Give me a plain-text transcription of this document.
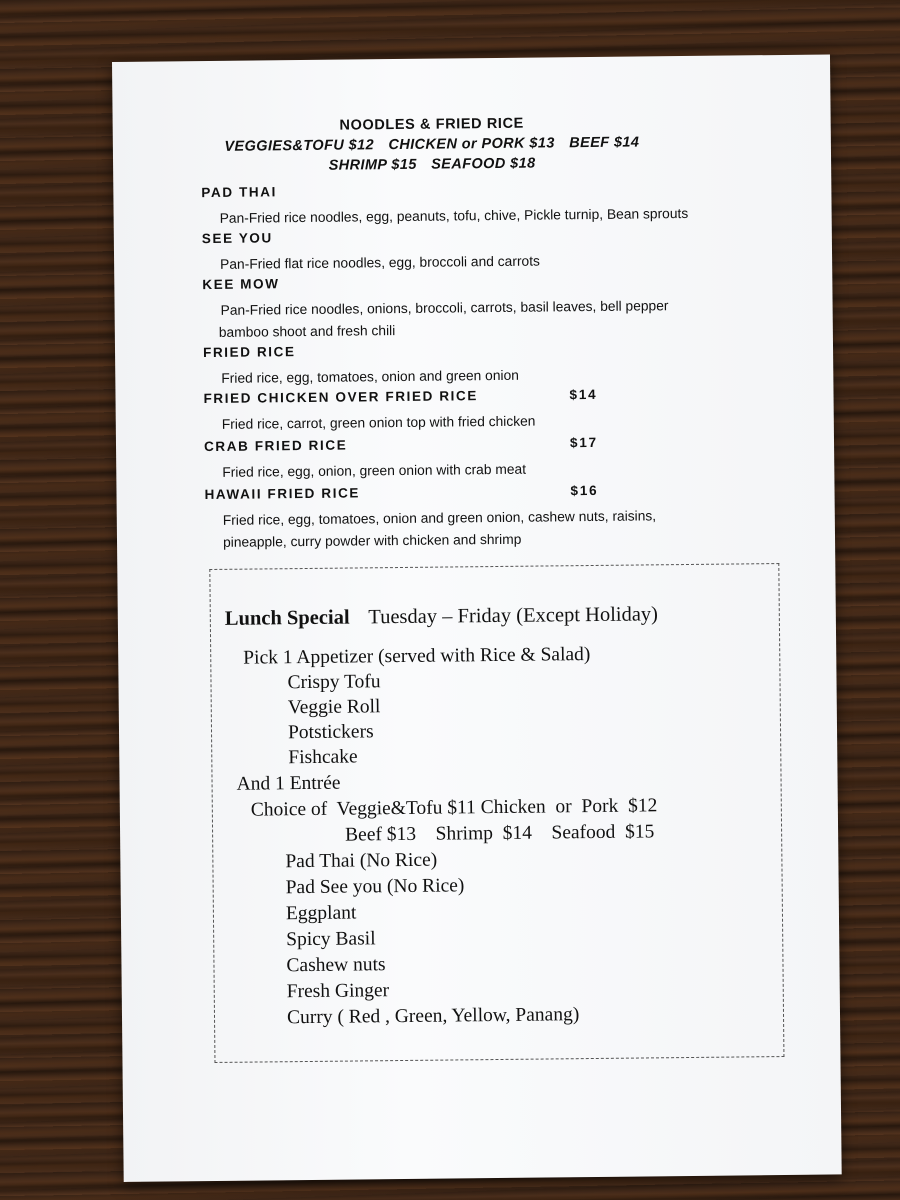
NOODLES & FRIED RICE
VEGGIES&TOFU $12 CHICKEN or PORK $13 BEEF $14
SHRIMP $15 SEAFOOD $18
PAD THAI
Pan-Fried rice noodles, egg, peanuts, tofu, chive, Pickle turnip, Bean sprouts
SEE YOU
Pan-Fried flat rice noodles, egg, broccoli and carrots
KEE MOW
Pan-Fried rice noodles, onions, broccoli, carrots, basil leaves, bell pepper
bamboo shoot and fresh chili
FRIED RICE
Fried rice, egg, tomatoes, onion and green onion
FRIED CHICKEN OVER FRIED RICE	$14
Fried rice, carrot, green onion top with fried chicken
CRAB FRIED RICE	$17
Fried rice, egg, onion, green onion with crab meat
HAWAII FRIED RICE	$16
Fried rice, egg, tomatoes, onion and green onion, cashew nuts, raisins,
pineapple, curry powder with chicken and shrimp
Lunch Special Tuesday – Friday (Except Holiday)
Pick 1 Appetizer (served with Rice & Salad)
Crispy Tofu
Veggie Roll
Potstickers
Fishcake
And 1 Entrée
Choice of  Veggie&Tofu $11 Chicken  or  Pork  $12
Beef $13    Shrimp  $14    Seafood  $15
Pad Thai (No Rice)
Pad See you (No Rice)
Eggplant
Spicy Basil
Cashew nuts
Fresh Ginger
Curry ( Red , Green, Yellow, Panang)
